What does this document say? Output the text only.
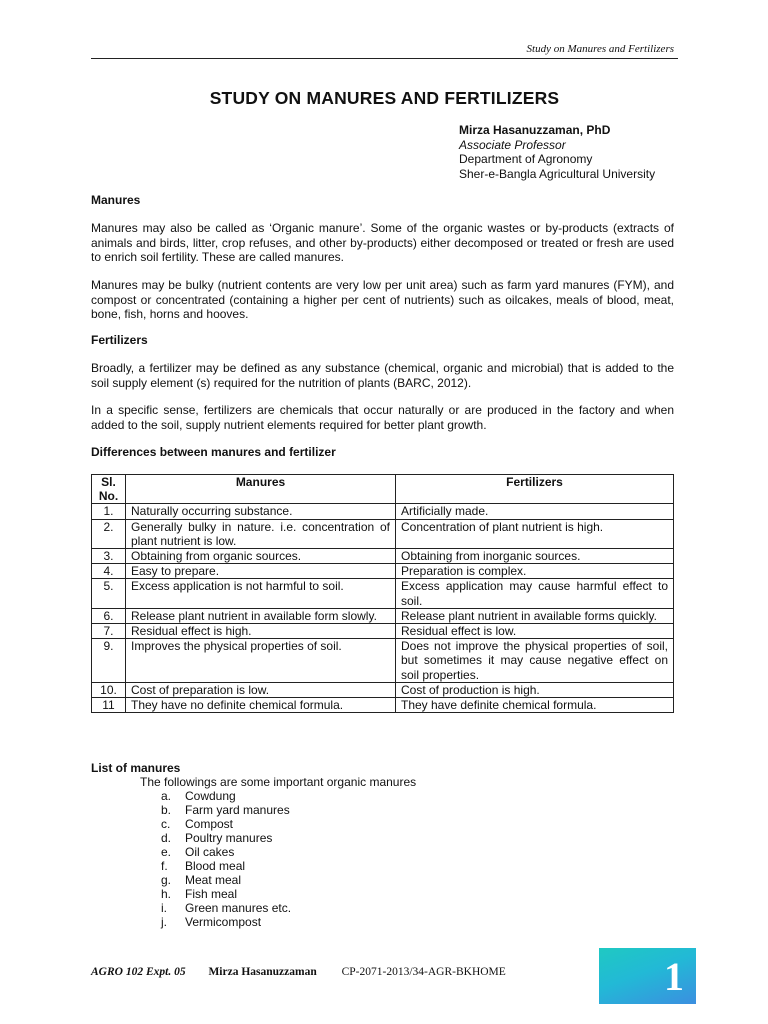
Study on Manures and Fertilizers
STUDY ON MANURES AND FERTILIZERS
Mirza Hasanuzzaman, PhD
Associate Professor
Department of Agronomy
Sher-e-Bangla Agricultural University
Manures
Manures may also be called as ‘Organic manure’. Some of the organic wastes or by-products (extracts of animals and birds, litter, crop refuses, and other by-products) either decomposed or treated or fresh are used to enrich soil fertility. These are called manures.
Manures may be bulky (nutrient contents are very low per unit area) such as farm yard manures (FYM), and compost or concentrated (containing a higher per cent of nutrients) such as oilcakes, meals of blood, meat, bone, fish, horns and hooves.
Fertilizers
Broadly, a fertilizer may be defined as any substance (chemical, organic and microbial) that is added to the soil supply element (s) required for the nutrition of plants (BARC, 2012).
In a specific sense, fertilizers are chemicals that occur naturally or are produced in the factory and when added to the soil, supply nutrient elements required for better plant growth.
Differences between manures and fertilizer
Sl. No.	Manures	Fertilizers
1.	Naturally occurring substance.	Artificially made.
2.	Generally bulky in nature. i.e. concentration of plant nutrient is low.	Concentration of plant nutrient is high.
3.	Obtaining from organic sources.	Obtaining from inorganic sources.
4.	Easy to prepare.	Preparation is complex.
5.	Excess application is not harmful to soil.	Excess application may cause harmful effect to soil.
6.	Release plant nutrient in available form slowly.	Release plant nutrient in available forms quickly.
7.	Residual effect is high.	Residual effect is low.
9.	Improves the physical properties of soil.	Does not improve the physical properties of soil, but sometimes it may cause negative effect on soil properties.
10.	Cost of preparation is low.	Cost of production is high.
11	They have no definite chemical formula.	They have definite chemical formula.
List of manures
The followings are some important organic manures
a.	Cowdung
b.	Farm yard manures
c.	Compost
d.	Poultry manures
e.	Oil cakes
f.	Blood meal
g.	Meat meal
h.	Fish meal
i.	Green manures etc.
j.	Vermicompost
AGRO 102 Expt. 05 Mirza Hasanuzzaman CP-2071-2013/34-AGR-BKHOME	1
